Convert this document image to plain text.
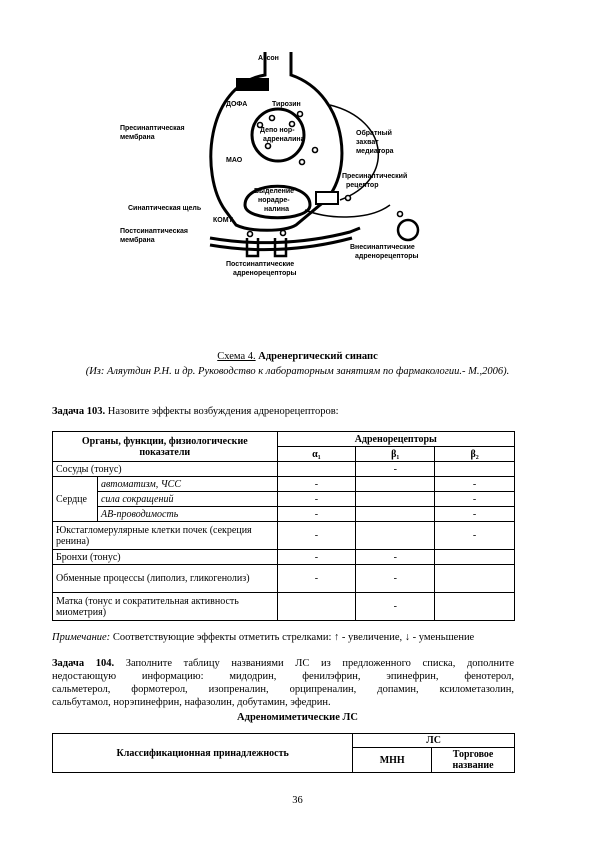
Аксон
ДОФА	Тирозин
Пресинаптическая
мембрана
Депо нор-
адреналина
Обратный
захват
медиатора
МАО
Пресинаптический
рецептор
Выделение
норадре-
налина
Синаптическая щель
КОМТ
Постсинаптическая
мембрана
Внесинаптические
адренорецепторы
Постсинаптические
адренорецепторы
Схема 4. Адренергический синапс
(Из: Аляутдин Р.Н. и др. Руководство к лабораторным занятиям по фармакологии.- М.,2006).
Задача 103. Назовите эффекты возбуждения адренорецепторов:
Органы, функции, физиологические показатели		Адренорецепторы		
		α₁	β₁	β₂
Сосуды (тонус)			-	
Сердце	автоматизм, ЧСС	-		-
	сила сокращений	-		-
	АВ-проводимость	-		-
Юкстагломерулярные клетки почек (секреция ренина)		-		-
Бронхи (тонус)		-	-	
Обменные процессы (липолиз, гликогенолиз)		-	-	
Матка (тонус и сократительная активность миометрия)			-	
Примечание: Соответствующие эффекты отметить стрелками: ↑ - увеличение, ↓ - уменьшение
Задача 104. Заполните таблицу названиями ЛС из предложенного списка, дополните
недостающую информацию: мидодрин, фенилэфрин, эпинефрин, фенотерол,
сальметерол, формотерол, изопреналин, орципреналин, допамин, ксилометазолин,
сальбутамол, норэпинефрин, нафазолин, добутамин, эфедрин.
Адреномиметические ЛС
Классификационная принадлежность	ЛС	
	МНН	Торговое название
36
